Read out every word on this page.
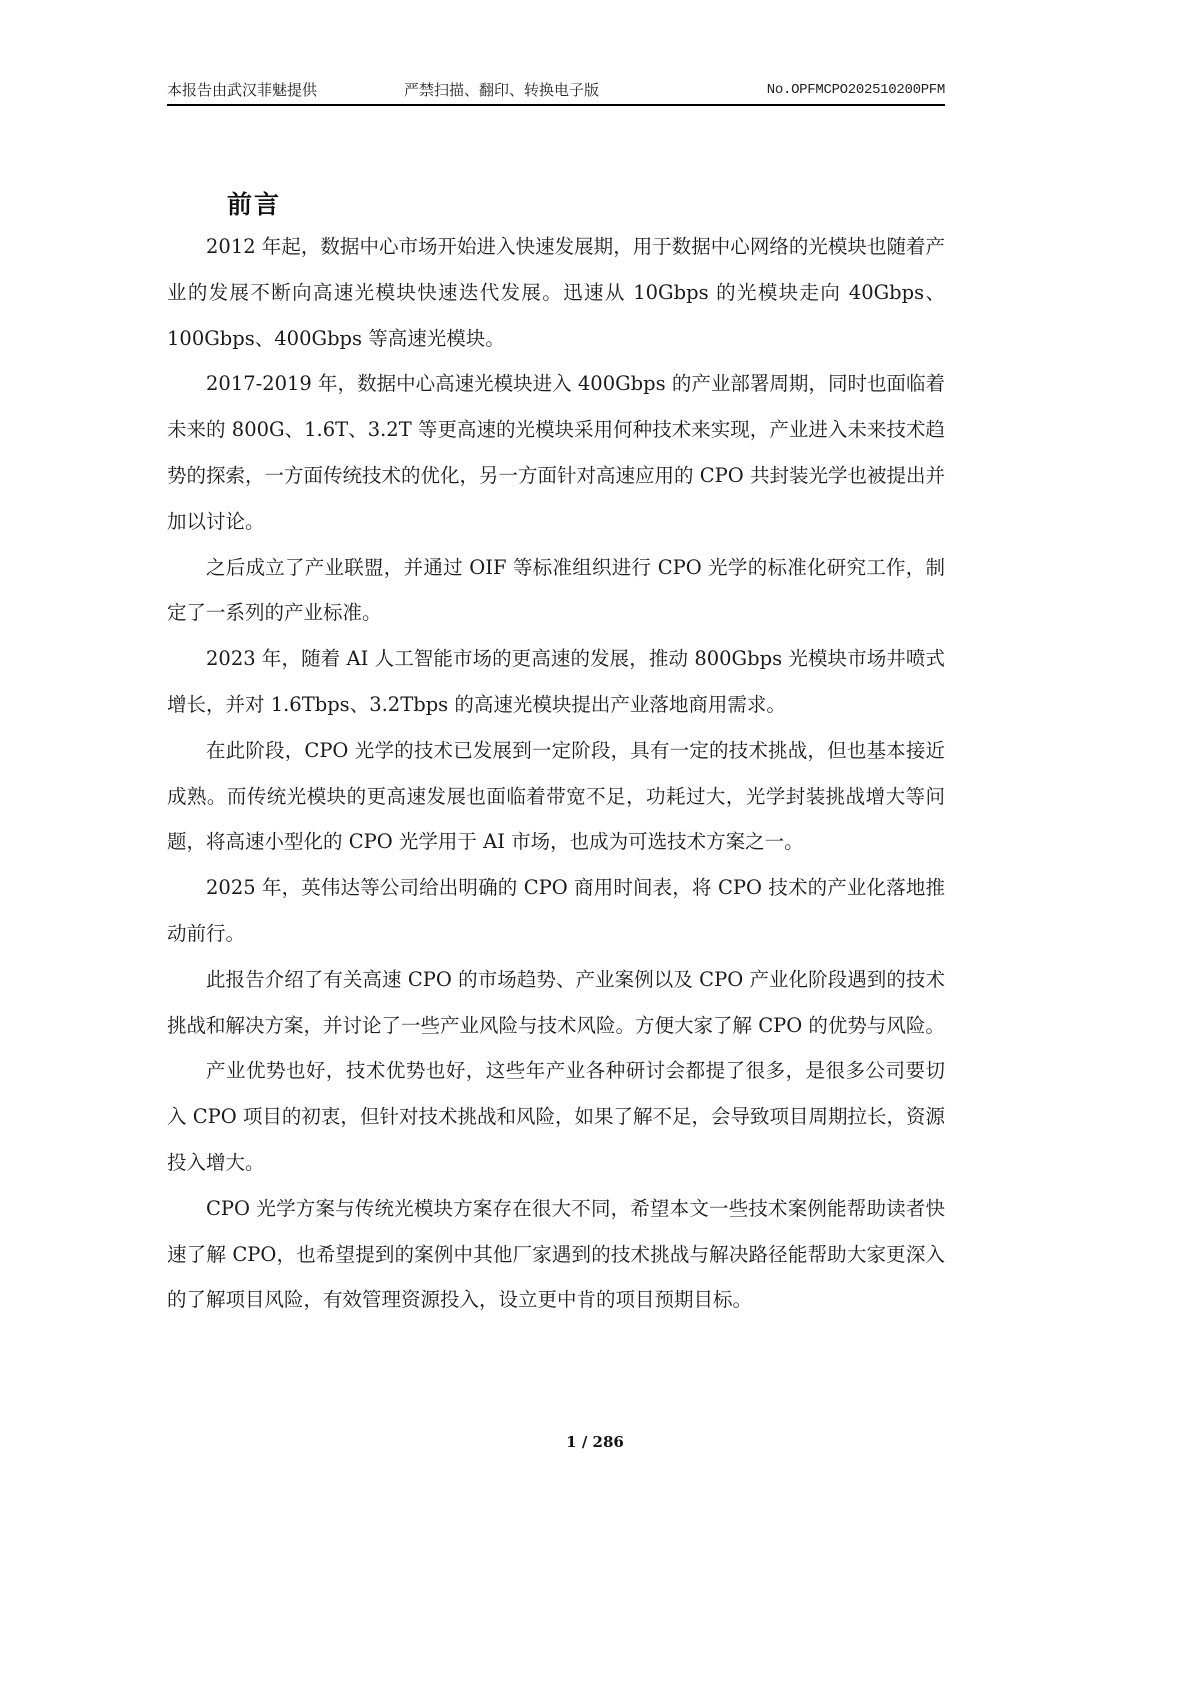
本报告由武汉菲魅提供	严禁扫描、翻印、转换电子版	No.OPFMCPO202510200PFM
前言

2012 年起，数据中心市场开始进入快速发展期，用于数据中心网络的光模块也随着产业的发展不断向高速光模块快速迭代发展。迅速从 10Gbps 的光模块走向 40Gbps、100Gbps、400Gbps 等高速光模块。

2017-2019 年，数据中心高速光模块进入 400Gbps 的产业部署周期，同时也面临着未来的 800G、1.6T、3.2T 等更高速的光模块采用何种技术来实现，产业进入未来技术趋势的探索，一方面传统技术的优化，另一方面针对高速应用的 CPO 共封装光学也被提出并加以讨论。

之后成立了产业联盟，并通过 OIF 等标准组织进行 CPO 光学的标准化研究工作，制定了一系列的产业标准。

2023 年，随着 AI 人工智能市场的更高速的发展，推动 800Gbps 光模块市场井喷式增长，并对 1.6Tbps、3.2Tbps 的高速光模块提出产业落地商用需求。

在此阶段，CPO 光学的技术已发展到一定阶段，具有一定的技术挑战，但也基本接近成熟。而传统光模块的更高速发展也面临着带宽不足，功耗过大，光学封装挑战增大等问题，将高速小型化的 CPO 光学用于 AI 市场，也成为可选技术方案之一。

2025 年，英伟达等公司给出明确的 CPO 商用时间表，将 CPO 技术的产业化落地推动前行。

此报告介绍了有关高速 CPO 的市场趋势、产业案例以及 CPO 产业化阶段遇到的技术挑战和解决方案，并讨论了一些产业风险与技术风险。方便大家了解 CPO 的优势与风险。

产业优势也好，技术优势也好，这些年产业各种研讨会都提了很多，是很多公司要切入 CPO 项目的初衷，但针对技术挑战和风险，如果了解不足，会导致项目周期拉长，资源投入增大。

CPO 光学方案与传统光模块方案存在很大不同，希望本文一些技术案例能帮助读者快速了解 CPO，也希望提到的案例中其他厂家遇到的技术挑战与解决路径能帮助大家更深入的了解项目风险，有效管理资源投入，设立更中肯的项目预期目标。

1 / 286
